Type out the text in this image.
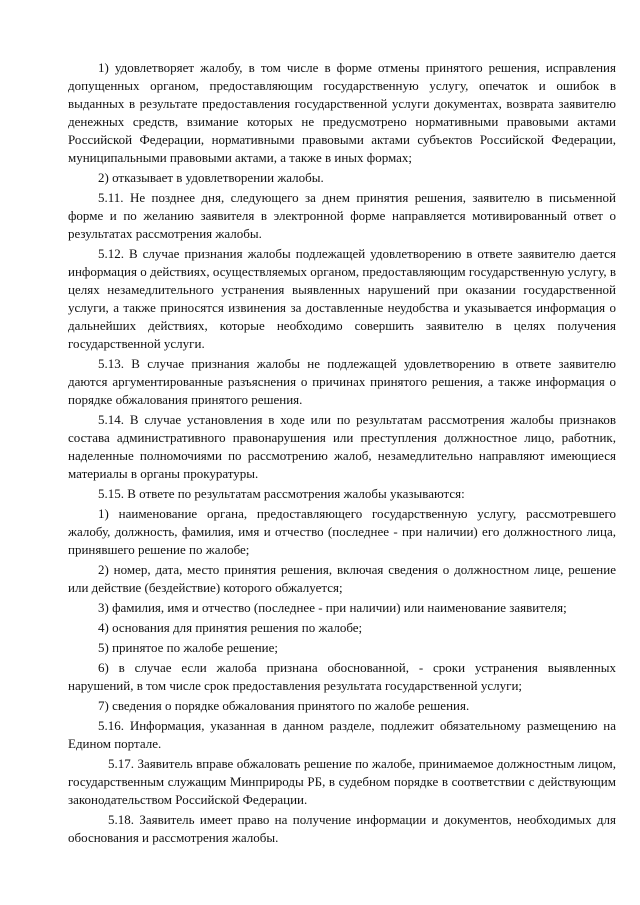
1) удовлетворяет жалобу, в том числе в форме отмены принятого решения, исправления допущенных органом, предоставляющим государственную услугу, опечаток и ошибок в выданных в результате предоставления государственной услуги документах, возврата заявителю денежных средств, взимание которых не предусмотрено нормативными правовыми актами Российской Федерации, нормативными правовыми актами субъектов Российской Федерации, муниципальными правовыми актами, а также в иных формах;

2) отказывает в удовлетворении жалобы.

5.11. Не позднее дня, следующего за днем принятия решения, заявителю в письменной форме и по желанию заявителя в электронной форме направляется мотивированный ответ о результатах рассмотрения жалобы.

5.12. В случае признания жалобы подлежащей удовлетворению в ответе заявителю дается информация о действиях, осуществляемых органом, предоставляющим государственную услугу, в целях незамедлительного устранения выявленных нарушений при оказании государственной услуги, а также приносятся извинения за доставленные неудобства и указывается информация о дальнейших действиях, которые необходимо совершить заявителю в целях получения государственной услуги.

5.13. В случае признания жалобы не подлежащей удовлетворению в ответе заявителю даются аргументированные разъяснения о причинах принятого решения, а также информация о порядке обжалования принятого решения.

5.14. В случае установления в ходе или по результатам рассмотрения жалобы признаков состава административного правонарушения или преступления должностное лицо, работник, наделенные полномочиями по рассмотрению жалоб, незамедлительно направляют имеющиеся материалы в органы прокуратуры.

5.15. В ответе по результатам рассмотрения жалобы указываются:

1) наименование органа, предоставляющего государственную услугу, рассмотревшего жалобу, должность, фамилия, имя и отчество (последнее - при наличии) его должностного лица, принявшего решение по жалобе;

2) номер, дата, место принятия решения, включая сведения о должностном лице, решение или действие (бездействие) которого обжалуется;

3) фамилия, имя и отчество (последнее - при наличии) или наименование заявителя;

4) основания для принятия решения по жалобе;

5) принятое по жалобе решение;

6) в случае если жалоба признана обоснованной, - сроки устранения выявленных нарушений, в том числе срок предоставления результата государственной услуги;

7) сведения о порядке обжалования принятого по жалобе решения.

5.16. Информация, указанная в данном разделе, подлежит обязательному размещению на Едином портале.

5.17. Заявитель вправе обжаловать решение по жалобе, принимаемое должностным лицом, государственным служащим Минприроды РБ, в судебном порядке в соответствии с действующим законодательством Российской Федерации.

5.18. Заявитель имеет право на получение информации и документов, необходимых для обоснования и рассмотрения жалобы.
